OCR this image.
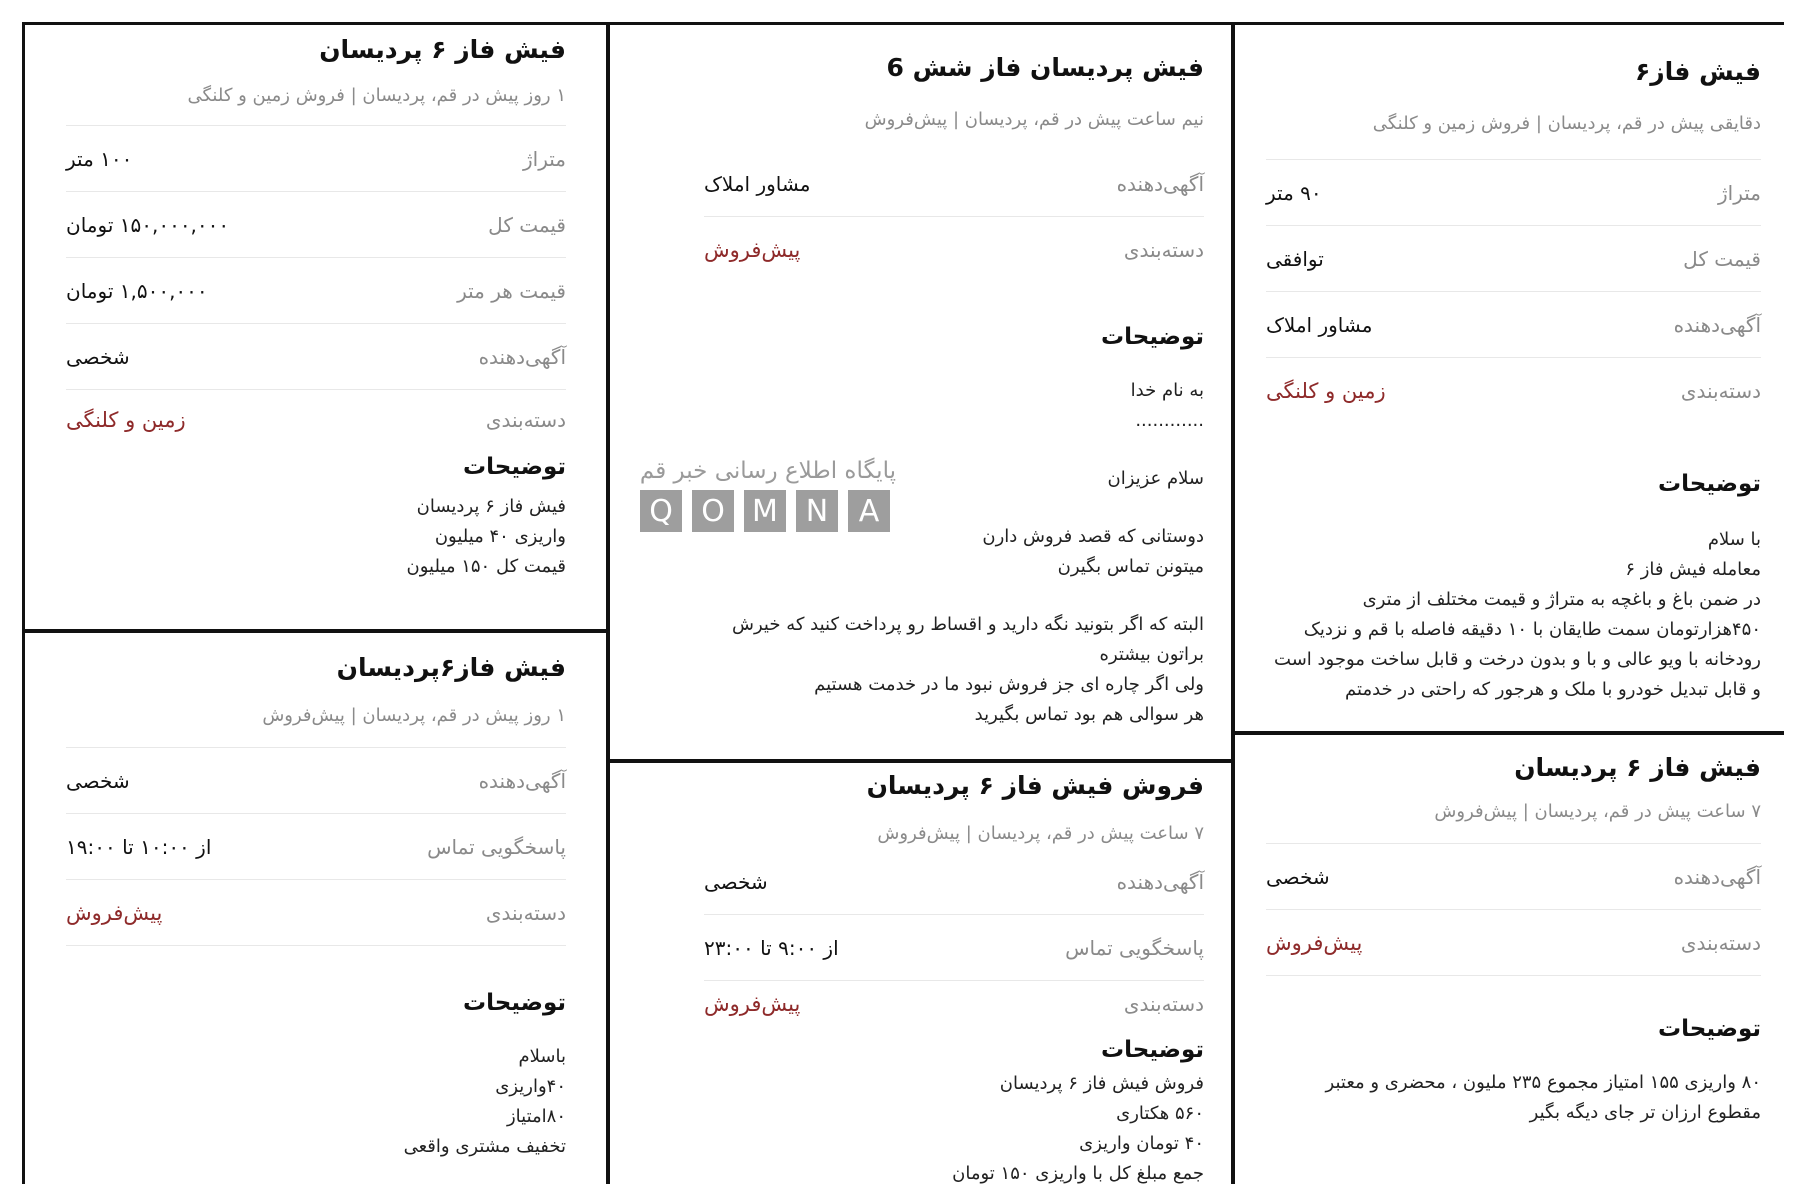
فیش فاز۶
دقایقی پیش در قم، پردیسان | فروش زمین و کلنگی
متراژ
۹۰ متر
قیمت کل
توافقی
آگهی‌دهنده
مشاور املاک
دسته‌بندی
زمین و کلنگی
توضیحات
با سلام
معامله فیش فاز ۶
در ضمن باغ و باغچه به متراژ و قیمت مختلف از متری
۴۵۰هزارتومان سمت طایقان با ۱۰ دقیقه فاصله با قم و نزدیک
رودخانه با ویو عالی و با و بدون درخت و قابل ساخت موجود است
و قابل تبدیل خودرو با ملک و هرجور که راحتی در خدمتم
فیش فاز ۶ پردیسان
۷ ساعت پیش در قم، پردیسان | پیش‌فروش
آگهی‌دهنده
شخصی
دسته‌بندی
پیش‌فروش
توضیحات
۸۰ واریزی ۱۵۵ امتیاز مجموع ۲۳۵ ملیون ، محضری و معتبر
مقطوع ارزان تر جای دیگه بگیر
فیش پردیسان فاز شش 6
نیم ساعت پیش در قم، پردیسان | پیش‌فروش
آگهی‌دهنده
مشاور املاک
دسته‌بندی
پیش‌فروش
توضیحات
به نام خدا
............
سلام عزیزان
دوستانی که قصد فروش دارن
میتونن تماس بگیرن
البته که اگر بتونید نگه دارید و اقساط رو پرداخت کنید که خیرش
براتون بیشتره
ولی اگر چاره ای جز فروش نبود ما در خدمت هستیم
هر سوالی هم بود تماس بگیرید
فروش فیش فاز ۶ پردیسان
۷ ساعت پیش در قم، پردیسان | پیش‌فروش
آگهی‌دهنده
شخصی
پاسخگویی تماس
از ۹:۰۰ تا ۲۳:۰۰
دسته‌بندی
پیش‌فروش
توضیحات
فروش فیش فاز ۶ پردیسان
۵۶۰ هکتاری
۴۰ تومان واریزی
جمع مبلغ کل با واریزی ۱۵۰ تومان
فیش فاز ۶ پردیسان
۱ روز پیش در قم، پردیسان | فروش زمین و کلنگی
متراژ
۱۰۰ متر
قیمت کل
۱۵۰,۰۰۰,۰۰۰ تومان
قیمت هر متر
۱,۵۰۰,۰۰۰ تومان
آگهی‌دهنده
شخصی
دسته‌بندی
زمین و کلنگی
توضیحات
فیش فاز ۶ پردیسان
واریزی ۴۰ میلیون
قیمت کل ۱۵۰ میلیون
فیش فاز۶پردیسان
۱ روز پیش در قم، پردیسان | پیش‌فروش
آگهی‌دهنده
شخصی
پاسخگویی تماس
از ۱۰:۰۰ تا ۱۹:۰۰
دسته‌بندی
پیش‌فروش
توضیحات
باسلام
۴۰واریزی
۸۰امتیاز
تخفیف مشتری واقعی
پایگاه اطلاع رسانی خبر قم
Q O M N	A
